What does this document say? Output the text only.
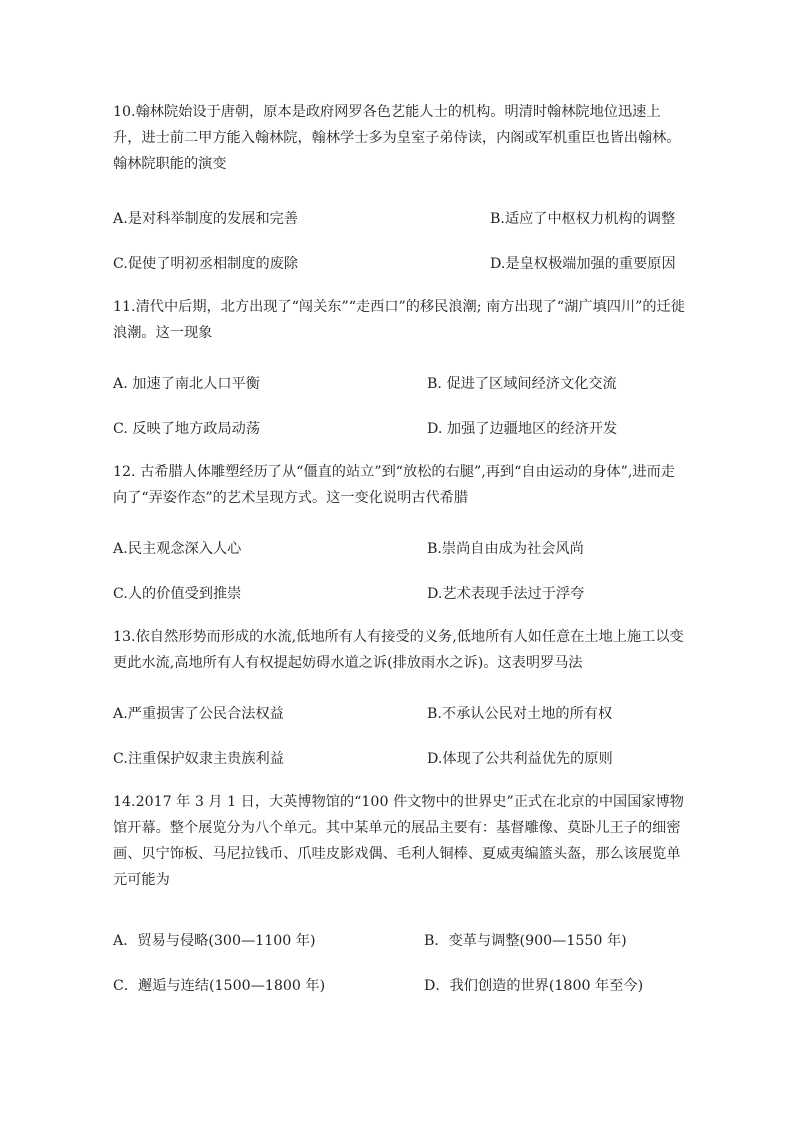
10.翰林院始设于唐朝，原本是政府网罗各色艺能人士的机构。明清时翰林院地位迅速上升，进士前二甲方能入翰林院，翰林学士多为皇室子弟侍读，内阁或军机重臣也皆出翰林。翰林院职能的演变
A.是对科举制度的发展和完善	B.适应了中枢权力机构的调整
C.促使了明初丞相制度的废除	D.是皇权极端加强的重要原因
11.清代中后期，北方出现了“闯关东”“走西口”的移民浪潮; 南方出现了“湖广填四川”的迁徙浪潮。这一现象
A. 加速了南北人口平衡	B. 促进了区域间经济文化交流
C. 反映了地方政局动荡	D. 加强了边疆地区的经济开发
12. 古希腊人体雕塑经历了从“僵直的站立”到“放松的右腿”,再到“自由运动的身体”,进而走向了“弄姿作态”的艺术呈现方式。这一变化说明古代希腊
A.民主观念深入人心	B.崇尚自由成为社会风尚
C.人的价值受到推崇	D.艺术表现手法过于浮夸
13.依自然形势而形成的水流,低地所有人有接受的义务,低地所有人如任意在土地上施工以变更此水流,高地所有人有权提起妨碍水道之诉(排放雨水之诉)。这表明罗马法
A.严重损害了公民合法权益	B.不承认公民对土地的所有权
C.注重保护奴隶主贵族利益	D.体现了公共利益优先的原则
14.2017 年 3 月 1 日，大英博物馆的“100 件文物中的世界史”正式在北京的中国国家博物馆开幕。整个展览分为八个单元。其中某单元的展品主要有：基督雕像、莫卧儿王子的细密画、贝宁饰板、马尼拉钱币、爪哇皮影戏偶、毛利人铜棒、夏威夷编篮头盔，那么该展览单元可能为
A．贸易与侵略(300—1100 年)	B．变革与调整(900—1550 年)
C．邂逅与连结(1500—1800 年)	D．我们创造的世界(1800 年至今)
